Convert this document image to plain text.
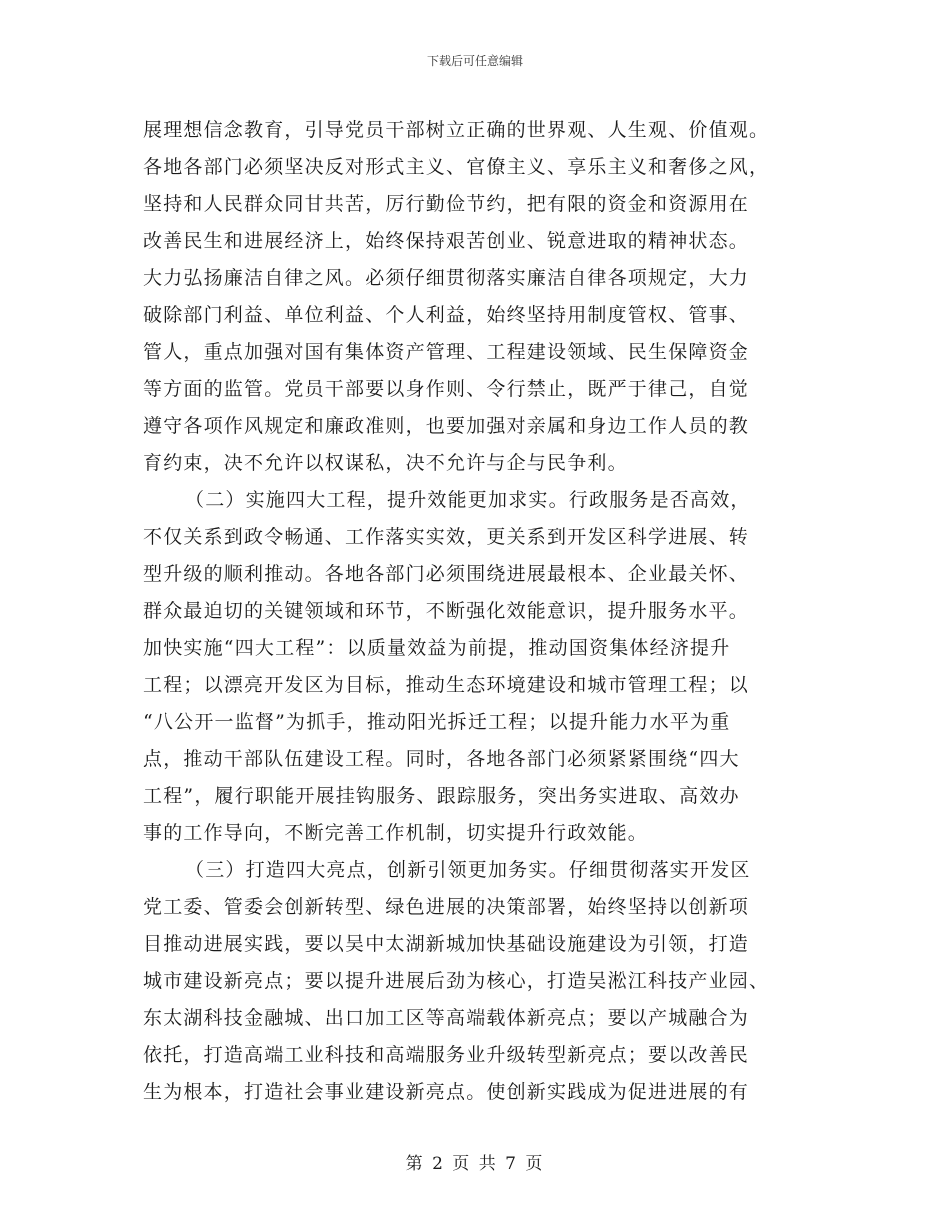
下载后可任意编辑
展理想信念教育，引导党员干部树立正确的世界观、人生观、价值观。
各地各部门必须坚决反对形式主义、官僚主义、享乐主义和奢侈之风，
坚持和人民群众同甘共苦，厉行勤俭节约，把有限的资金和资源用在
改善民生和进展经济上，始终保持艰苦创业、锐意进取的精神状态。
大力弘扬廉洁自律之风。必须仔细贯彻落实廉洁自律各项规定，大力
破除部门利益、单位利益、个人利益，始终坚持用制度管权、管事、
管人，重点加强对国有集体资产管理、工程建设领域、民生保障资金
等方面的监管。党员干部要以身作则、令行禁止，既严于律己，自觉
遵守各项作风规定和廉政准则，也要加强对亲属和身边工作人员的教
育约束，决不允许以权谋私，决不允许与企与民争利。
（二）实施四大工程，提升效能更加求实。行政服务是否高效，
不仅关系到政令畅通、工作落实实效，更关系到开发区科学进展、转
型升级的顺利推动。各地各部门必须围绕进展最根本、企业最关怀、
群众最迫切的关键领域和环节，不断强化效能意识，提升服务水平。
加快实施“四大工程”：以质量效益为前提，推动国资集体经济提升
工程；以漂亮开发区为目标，推动生态环境建设和城市管理工程；以
“八公开一监督”为抓手，推动阳光拆迁工程；以提升能力水平为重
点，推动干部队伍建设工程。同时，各地各部门必须紧紧围绕“四大
工程”，履行职能开展挂钩服务、跟踪服务，突出务实进取、高效办
事的工作导向，不断完善工作机制，切实提升行政效能。
（三）打造四大亮点，创新引领更加务实。仔细贯彻落实开发区
党工委、管委会创新转型、绿色进展的决策部署，始终坚持以创新项
目推动进展实践，要以吴中太湖新城加快基础设施建设为引领，打造
城市建设新亮点；要以提升进展后劲为核心，打造吴淞江科技产业园、
东太湖科技金融城、出口加工区等高端载体新亮点；要以产城融合为
依托，打造高端工业科技和高端服务业升级转型新亮点；要以改善民
生为根本，打造社会事业建设新亮点。使创新实践成为促进进展的有
第 2 页 共 7 页
